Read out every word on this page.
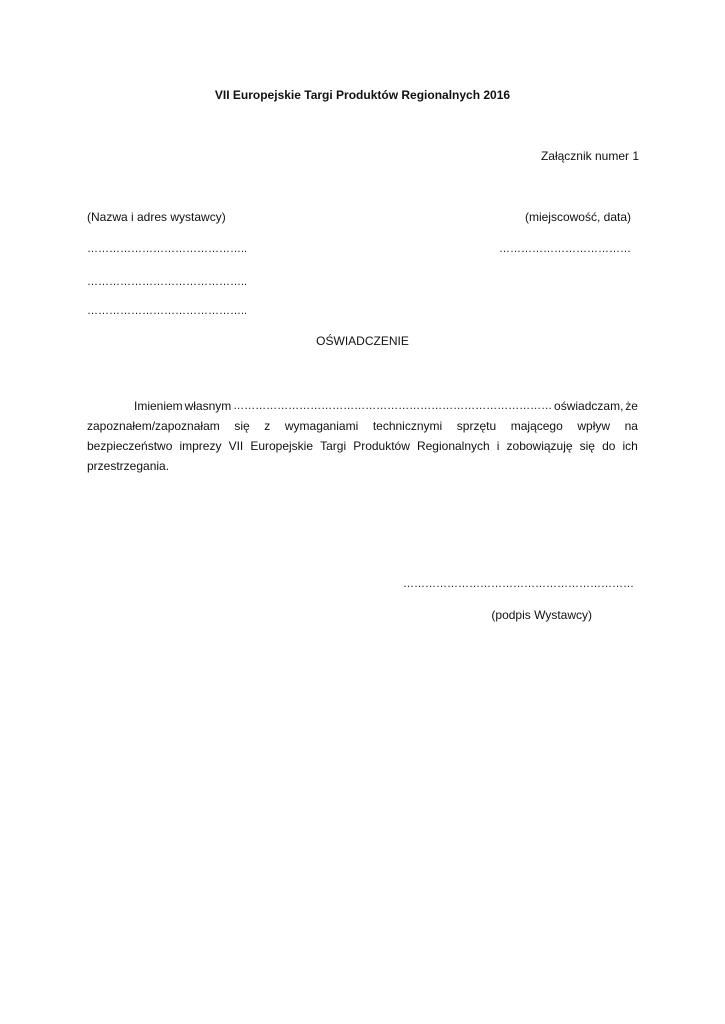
VII Europejskie Targi Produktów Regionalnych 2016
Załącznik numer 1
(Nazwa i adres wystawcy)	(miejscowość, data)
……………………………………..	………………………………
……………………………………..
……………………………………..
OŚWIADCZENIE
Imieniem własnym …………………………………………………………………………… oświadczam, że
zapoznałem/zapoznałam się z wymaganiami technicznymi sprzętu mającego wpływ na
bezpieczeństwo imprezy VII Europejskie Targi Produktów Regionalnych i zobowiązuję się do ich
przestrzegania.
………………………………………………………
(podpis Wystawcy)
